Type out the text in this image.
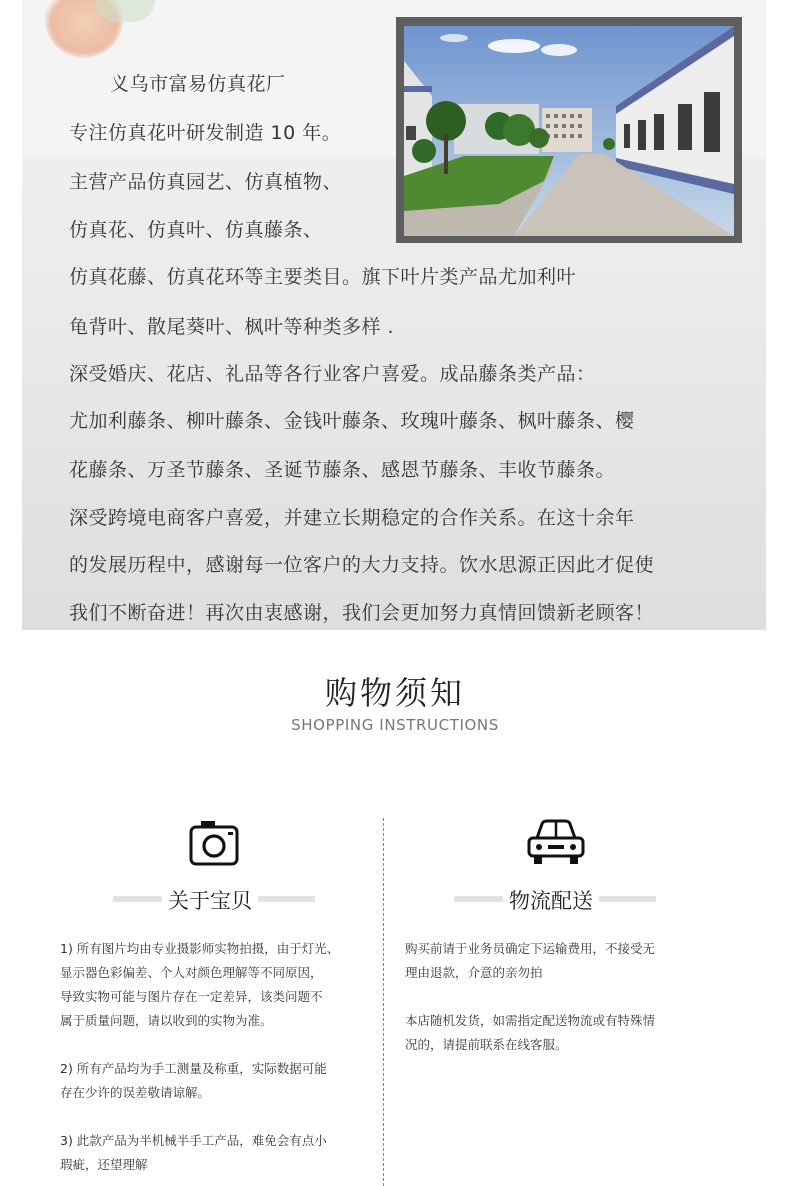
义乌市富易仿真花厂
专注仿真花叶研发制造 10 年。
主营产品仿真园艺、仿真植物、
仿真花、仿真叶、仿真藤条、
仿真花藤、仿真花环等主要类目。旗下叶片类产品尤加利叶
龟背叶、散尾葵叶、枫叶等种类多样 .
深受婚庆、花店、礼品等各行业客户喜爱。成品藤条类产品：
尤加利藤条、柳叶藤条、金钱叶藤条、玫瑰叶藤条、枫叶藤条、樱
花藤条、万圣节藤条、圣诞节藤条、感恩节藤条、丰收节藤条。
深受跨境电商客户喜爱，并建立长期稳定的合作关系。在这十余年
的发展历程中，感谢每一位客户的大力支持。饮水思源正因此才促使
我们不断奋进！再次由衷感谢，我们会更加努力真情回馈新老顾客！
购物须知
SHOPPING INSTRUCTIONS
关于宝贝
1) 所有图片均由专业摄影师实物拍摄，由于灯光、
显示器色彩偏差、个人对颜色理解等不同原因，
导致实物可能与图片存在一定差异，该类问题不
属于质量问题，请以收到的实物为准。
2) 所有产品均为手工测量及称重，实际数据可能
存在少许的误差敬请谅解。
3) 此款产品为半机械半手工产品，难免会有点小
瑕疵，还望理解
物流配送
购买前请于业务员确定下运输费用，不接受无
理由退款，介意的亲勿拍
本店随机发货，如需指定配送物流或有特殊情
况的，请提前联系在线客服。
